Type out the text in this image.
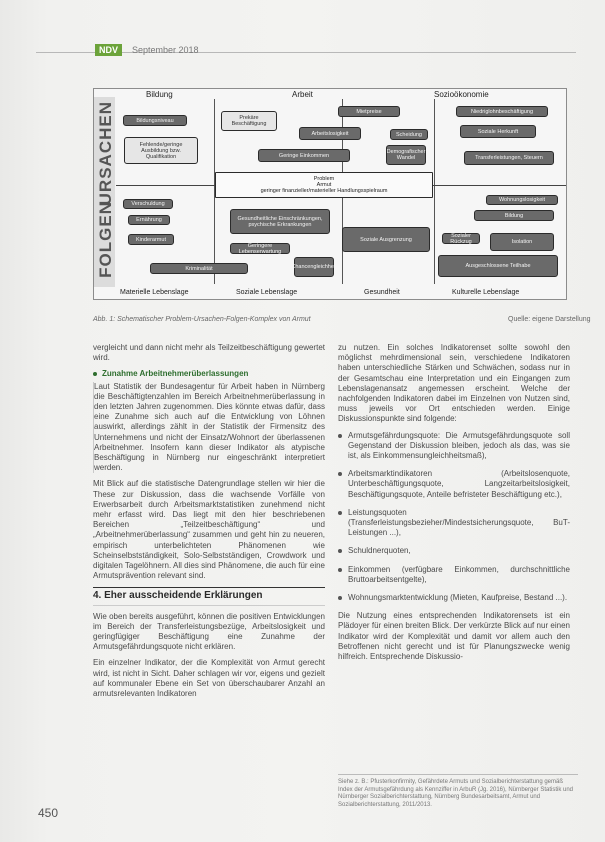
NDV	September 2018
URSACHEN
FOLGEN
Bildung	Arbeit	Sozioökonomie
Bildungsniveau	Prekäre Beschäftigung
Mietpreise	Niedriglohnbeschäftigung
Arbeitslosigkeit	Scheidung	Soziale Herkunft
Fehlende/geringe Ausbildung bzw. Qualifikation	Geringe Einkommen
Demografischer Wandel	Transferleistungen, Steuern
Problem
Armut
geringer finanzieller/materieller Handlungsspielraum
Verschuldung
Wohnungslosigkeit
Ernährung	Gesundheitliche Einschränkungen, psychische Erkrankungen
Bildung
Soziale Ausgrenzung
Kinderarmut
Sozialer Rückzug
Geringere Lebenserwartung
Isolation
Kriminalität	Chancengleichheit	Ausgeschlossene Teilhabe
Materielle Lebenslage	Soziale Lebenslage	Gesundheit	Kulturelle Lebenslage
Abb. 1: Schematischer Problem-Ursachen-Folgen-Komplex von Armut	Quelle: eigene Darstellung

vergleicht und dann nicht mehr als Teilzeitbeschäftigung gewertet wird.

Zunahme Arbeitnehmerüberlassungen

Laut Statistik der Bundesagentur für Arbeit haben in Nürnberg die Beschäftigtenzahlen im Bereich Arbeitnehmerüberlassung in den letzten Jahren zugenommen. Dies könnte etwas dafür, dass eine Zunahme sich auch auf die Entwicklung von Löhnen auswirkt, allerdings zählt in der Statistik der Firmensitz des Unternehmens und nicht der Einsatz/Wohnort der überlassenen Arbeitnehmer. Insofern kann dieser Indikator als atypische Beschäftigung in Nürnberg nur eingeschränkt interpretiert werden.

Mit Blick auf die statistische Datengrundlage stellen wir hier die These zur Diskussion, dass die wachsende Vorfälle von Erwerbsarbeit durch Arbeitsmarktstatistiken zunehmend nicht mehr erfasst wird. Das liegt mit den hier beschriebenen Bereichen „Teilzeitbeschäftigung“ und „Arbeitnehmerüberlassung“ zusammen und geht hin zu neueren, empirisch unterbelichteten Phänomenen wie Scheinselbstständigkeit, Solo-Selbstständigen, Crowdwork und digitalen Tagelöhnern. All dies sind Phänomene, die auch für eine Armutsprävention relevant sind.

4. Eher ausscheidende Erklärungen

Wie oben bereits ausgeführt, können die positiven Entwicklungen im Bereich der Transferleistungsbezüge, Arbeitslosigkeit und geringfügiger Beschäftigung eine Zunahme der Armutsgefährdungsquote nicht erklären.

Ein einzelner Indikator, der die Komplexität von Armut gerecht wird, ist nicht in Sicht. Daher schlagen wir vor, eigens und gezielt auf kommunaler Ebene ein Set von überschaubarer Anzahl an armutsrelevanten Indikatoren

zu nutzen. Ein solches Indikatorenset sollte sowohl den möglichst mehrdimensional sein, verschiedene Indikatoren haben unterschiedliche Stärken und Schwächen, sodass nur in der Gesamtschau eine Interpretation und ein Eingangen zum Lebenslagenansatz angemessen erscheint. Welche der nachfolgenden Indikatoren dabei im Einzelnen von Nutzen sind, muss jeweils vor Ort entschieden werden. Einige Diskussionspunkte sind folgende:

Armutsgefährdungsquote: Die Armutsgefährdungsquote soll Gegenstand der Diskussion bleiben, jedoch als das, was sie ist, als Einkommensungleichheitsmaß),
Arbeitsmarktindikatoren (Arbeitslosenquote, Unterbeschäftigungsquote, Langzeitarbeitslosigkeit, Beschäftigungsquote, Anteile befristeter Beschäftigung etc.),
Leistungsquoten (Transferleistungsbezieher/Mindestsicherungsquote, BuT-Leistungen ...),
Schuldnerquoten,
Einkommen (verfügbare Einkommen, durchschnittliche Bruttoarbeitsentgelte),
Wohnungsmarktentwicklung (Mieten, Kaufpreise, Bestand ...).

Die Nutzung eines entsprechenden Indikatorensets ist ein Plädoyer für einen breiten Blick. Der verkürzte Blick auf nur einen Indikator wird der Komplexität und damit vor allem auch den Betroffenen nicht gerecht und ist für Planungszwecke wenig hilfreich. Entsprechende Diskussio-

Siehe z. B.: Pfusterkonfirmity, Gefährdete Armuts und Sozialberichterstattung gemäß Index der Armutsgefährdung als Kennziffer in ArbuR (Jg. 2016), Nürnberger Statistik und Nürnberger Sozialberichterstattung, Nürnberg Bundesarbeitsamt, Armut und Sozialberichterstattung, 2011/2013.
450
